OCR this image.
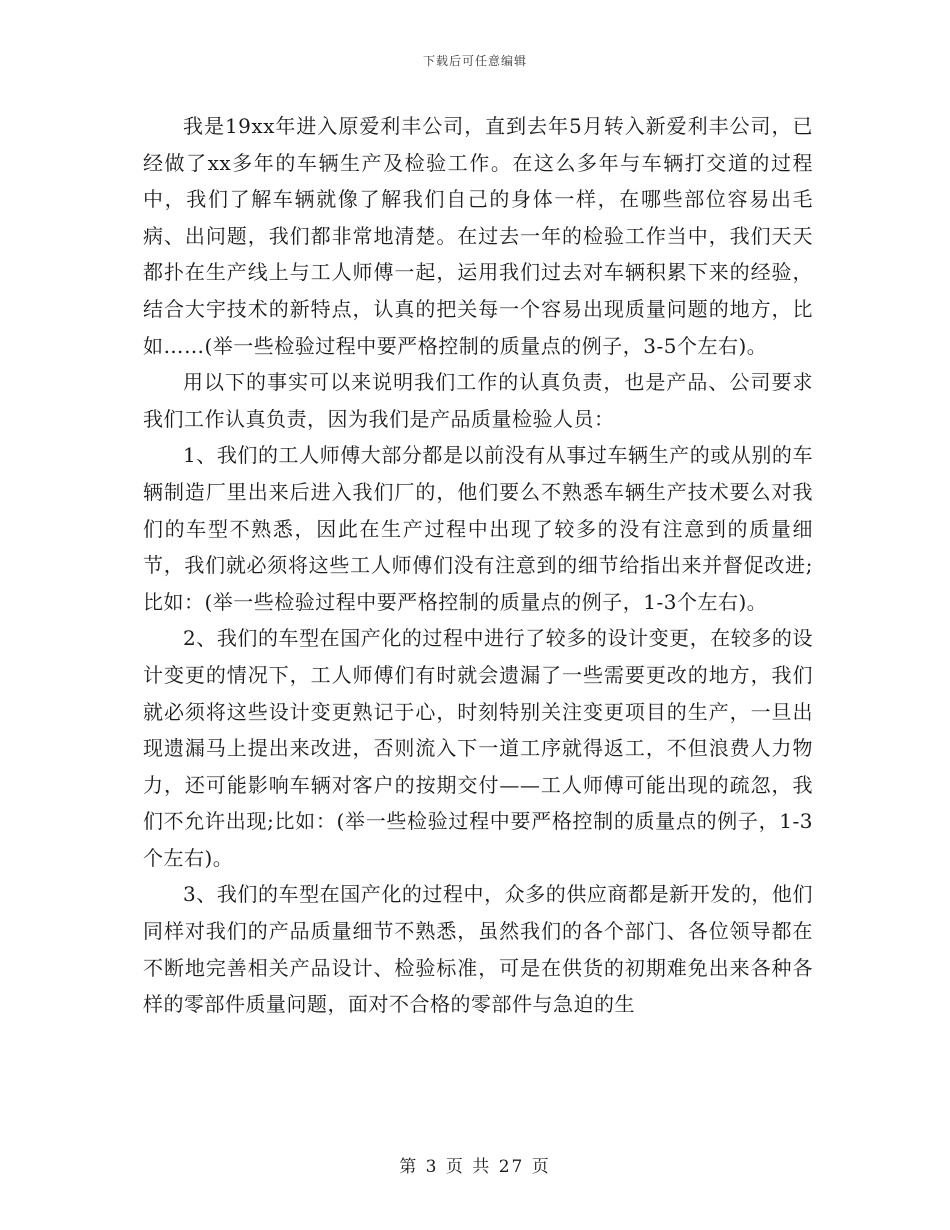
下载后可任意编辑

我是19xx年进入原爱利丰公司，直到去年5月转入新爱利丰公司，已经做了xx多年的车辆生产及检验工作。在这么多年与车辆打交道的过程中，我们了解车辆就像了解我们自己的身体一样，在哪些部位容易出毛病、出问题，我们都非常地清楚。在过去一年的检验工作当中，我们天天都扑在生产线上与工人师傅一起，运用我们过去对车辆积累下来的经验，结合大宇技术的新特点，认真的把关每一个容易出现质量问题的地方，比如……(举一些检验过程中要严格控制的质量点的例子，3-5个左右)。

用以下的事实可以来说明我们工作的认真负责，也是产品、公司要求我们工作认真负责，因为我们是产品质量检验人员：

1、我们的工人师傅大部分都是以前没有从事过车辆生产的或从别的车辆制造厂里出来后进入我们厂的，他们要么不熟悉车辆生产技术要么对我们的车型不熟悉，因此在生产过程中出现了较多的没有注意到的质量细节，我们就必须将这些工人师傅们没有注意到的细节给指出来并督促改进;比如：(举一些检验过程中要严格控制的质量点的例子，1-3个左右)。

2、我们的车型在国产化的过程中进行了较多的设计变更，在较多的设计变更的情况下，工人师傅们有时就会遗漏了一些需要更改的地方，我们就必须将这些设计变更熟记于心，时刻特别关注变更项目的生产，一旦出现遗漏马上提出来改进，否则流入下一道工序就得返工，不但浪费人力物力，还可能影响车辆对客户的按期交付——工人师傅可能出现的疏忽，我们不允许出现;比如：(举一些检验过程中要严格控制的质量点的例子，1-3个左右)。

3、我们的车型在国产化的过程中，众多的供应商都是新开发的，他们同样对我们的产品质量细节不熟悉，虽然我们的各个部门、各位领导都在不断地完善相关产品设计、检验标准，可是在供货的初期难免出来各种各样的零部件质量问题，面对不合格的零部件与急迫的生

第 3 页 共 27 页
